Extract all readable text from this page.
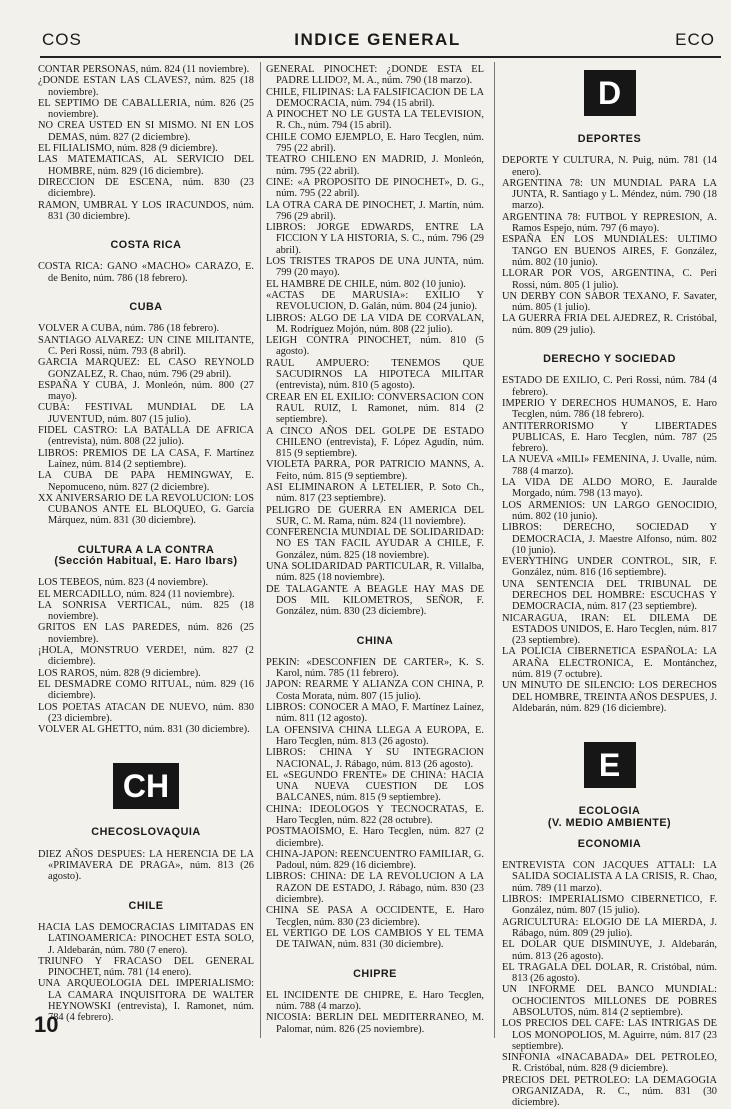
COS	INDICE GENERAL	ECO
CONTAR PERSONAS, núm. 824 (11 noviembre).
¿DONDE ESTAN LAS CLAVES?, núm. 825 (18 noviembre).
EL SEPTIMO DE CABALLERIA, núm. 826 (25 noviembre).
NO CREA USTED EN SI MISMO. NI EN LOS DEMAS, núm. 827 (2 diciembre).
EL FILIALISMO, núm. 828 (9 diciembre).
LAS MATEMATICAS, AL SERVICIO DEL HOMBRE, núm. 829 (16 diciembre).
DIRECCION DE ESCENA, núm. 830 (23 diciembre).
RAMON, UMBRAL Y LOS IRACUNDOS, núm. 831 (30 diciembre).
COSTA RICA
COSTA RICA: GANO «MACHO» CARAZO, E. de Benito, núm. 786 (18 febrero).
CUBA
VOLVER A CUBA, núm. 786 (18 febrero).
SANTIAGO ALVAREZ: UN CINE MILITANTE, C. Peri Rossi, núm. 793 (8 abril).
GARCIA MARQUEZ: EL CASO REYNOLD GONZALEZ, R. Chao, núm. 796 (29 abril).
ESPAÑA Y CUBA, J. Monleón, núm. 800 (27 mayo).
CUBA: FESTIVAL MUNDIAL DE LA JUVENTUD, núm. 807 (15 julio).
FIDEL CASTRO: LA BATALLA DE AFRICA (entrevista), núm. 808 (22 julio).
LIBROS: PREMIOS DE LA CASA, F. Martínez Laínez, núm. 814 (2 septiembre).
LA CUBA DE PAPA HEMINGWAY, E. Nepomuceno, núm. 827 (2 diciembre).
XX ANIVERSARIO DE LA REVOLUCION: LOS CUBANOS ANTE EL BLOQUEO, G. García Márquez, núm. 831 (30 diciembre).
CULTURA A LA CONTRA
(Sección Habitual, E. Haro Ibars)
LOS TEBEOS, núm. 823 (4 noviembre).
EL MERCADILLO, núm. 824 (11 noviembre).
LA SONRISA VERTICAL, núm. 825 (18 noviembre).
GRITOS EN LAS PAREDES, núm. 826 (25 noviembre).
¡HOLA, MONSTRUO VERDE!, núm. 827 (2 diciembre).
LOS RAROS, núm. 828 (9 diciembre).
EL DESMADRE COMO RITUAL, núm. 829 (16 diciembre).
LOS POETAS ATACAN DE NUEVO, núm. 830 (23 diciembre).
VOLVER AL GHETTO, núm. 831 (30 diciembre).
CH
CHECOSLOVAQUIA
DIEZ AÑOS DESPUES: LA HERENCIA DE LA «PRIMAVERA DE PRAGA», núm. 813 (26 agosto).
CHILE
HACIA LAS DEMOCRACIAS LIMITADAS EN LATINOAMERICA: PINOCHET ESTA SOLO, J. Aldebarán, núm. 780 (7 enero).
TRIUNFO Y FRACASO DEL GENERAL PINOCHET, núm. 781 (14 enero).
UNA ARQUEOLOGIA DEL IMPERIALISMO: LA CAMARA INQUISITORA DE WALTER HEYNOWSKI (entrevista), I. Ramonet, núm. 784 (4 febrero).
GENERAL PINOCHET: ¿DONDE ESTA EL PADRE LLIDO?, M. A., núm. 790 (18 marzo).
CHILE, FILIPINAS: LA FALSIFICACION DE LA DEMOCRACIA, núm. 794 (15 abril).
A PINOCHET NO LE GUSTA LA TELEVISION, R. Ch., núm. 794 (15 abril).
CHILE COMO EJEMPLO, E. Haro Tecglen, núm. 795 (22 abril).
TEATRO CHILENO EN MADRID, J. Monleón, núm. 795 (22 abril).
CINE: «A PROPOSITO DE PINOCHET», D. G., núm. 795 (22 abril).
LA OTRA CARA DE PINOCHET, J. Martín, núm. 796 (29 abril).
LIBROS: JORGE EDWARDS, ENTRE LA FICCION Y LA HISTORIA, S. C., núm. 796 (29 abril).
LOS TRISTES TRAPOS DE UNA JUNTA, núm. 799 (20 mayo).
EL HAMBRE DE CHILE, núm. 802 (10 junio).
«ACTAS DE MARUSIA»: EXILIO Y REVOLUCION, D. Galán, núm. 804 (24 junio).
LIBROS: ALGO DE LA VIDA DE CORVALAN, M. Rodríguez Mojón, núm. 808 (22 julio).
LEIGH CONTRA PINOCHET, núm. 810 (5 agosto).
RAUL AMPUERO: TENEMOS QUE SACUDIRNOS LA HIPOTECA MILITAR (entrevista), núm. 810 (5 agosto).
CREAR EN EL EXILIO: CONVERSACION CON RAUL RUIZ, I. Ramonet, núm. 814 (2 septiembre).
A CINCO AÑOS DEL GOLPE DE ESTADO CHILENO (entrevista), F. López Agudín, núm. 815 (9 septiembre).
VIOLETA PARRA, POR PATRICIO MANNS, A. Feito, núm. 815 (9 septiembre).
ASI ELIMINARON A LETELIER, P. Soto Ch., núm. 817 (23 septiembre).
PELIGRO DE GUERRA EN AMERICA DEL SUR, C. M. Rama, núm. 824 (11 noviembre).
CONFERENCIA MUNDIAL DE SOLIDARIDAD: NO ES TAN FACIL AYUDAR A CHILE, F. González, núm. 825 (18 noviembre).
UNA SOLIDARIDAD PARTICULAR, R. Villalba, núm. 825 (18 noviembre).
DE TALAGANTE A BEAGLE HAY MAS DE DOS MIL KILOMETROS, SEÑOR, F. González, núm. 830 (23 diciembre).
CHINA
PEKIN: «DESCONFIEN DE CARTER», K. S. Karol, núm. 785 (11 febrero).
JAPON: REARME Y ALIANZA CON CHINA, P. Costa Morata, núm. 807 (15 julio).
LIBROS: CONOCER A MAO, F. Martínez Laínez, núm. 811 (12 agosto).
LA OFENSIVA CHINA LLEGA A EUROPA, E. Haro Tecglen, núm. 813 (26 agosto).
LIBROS: CHINA Y SU INTEGRACION NACIONAL, J. Rábago, núm. 813 (26 agosto).
EL «SEGUNDO FRENTE» DE CHINA: HACIA UNA NUEVA CUESTION DE LOS BALCANES, núm. 815 (9 septiembre).
CHINA: IDEOLOGOS Y TECNOCRATAS, E. Haro Tecglen, núm. 822 (28 octubre).
POSTMAOISMO, E. Haro Tecglen, núm. 827 (2 diciembre).
CHINA-JAPON: REENCUENTRO FAMILIAR, G. Padoul, núm. 829 (16 diciembre).
LIBROS: CHINA: DE LA REVOLUCION A LA RAZON DE ESTADO, J. Rábago, núm. 830 (23 diciembre).
CHINA SE PASA A OCCIDENTE, E. Haro Tecglen, núm. 830 (23 diciembre).
EL VERTIGO DE LOS CAMBIOS Y EL TEMA DE TAIWAN, núm. 831 (30 diciembre).
CHIPRE
EL INCIDENTE DE CHIPRE, E. Haro Tecglen, núm. 788 (4 marzo).
NICOSIA: BERLIN DEL MEDITERRANEO, M. Palomar, núm. 826 (25 noviembre).
D
DEPORTES
DEPORTE Y CULTURA, N. Puig, núm. 781 (14 enero).
ARGENTINA 78: UN MUNDIAL PARA LA JUNTA, R. Santiago y L. Méndez, núm. 790 (18 marzo).
ARGENTINA 78: FUTBOL Y REPRESION, A. Ramos Espejo, núm. 797 (6 mayo).
ESPAÑA EN LOS MUNDIALES: ULTIMO TANGO EN BUENOS AIRES, F. González, núm. 802 (10 junio).
LLORAR POR VOS, ARGENTINA, C. Peri Rossi, núm. 805 (1 julio).
UN DERBY CON SABOR TEXANO, F. Savater, núm. 805 (1 julio).
LA GUERRA FRIA DEL AJEDREZ, R. Cristóbal, núm. 809 (29 julio).
DERECHO Y SOCIEDAD
ESTADO DE EXILIO, C. Peri Rossi, núm. 784 (4 febrero).
IMPERIO Y DERECHOS HUMANOS, E. Haro Tecglen, núm. 786 (18 febrero).
ANTITERRORISMO Y LIBERTADES PUBLICAS, E. Haro Tecglen, núm. 787 (25 febrero).
LA NUEVA «MILI» FEMENINA, J. Uvalle, núm. 788 (4 marzo).
LA VIDA DE ALDO MORO, E. Jauralde Morgado, núm. 798 (13 mayo).
LOS ARMENIOS: UN LARGO GENOCIDIO, núm. 802 (10 junio).
LIBROS: DERECHO, SOCIEDAD Y DEMOCRACIA, J. Maestre Alfonso, núm. 802 (10 junio).
EVERYTHING UNDER CONTROL, SIR, F. González, núm. 816 (16 septiembre).
UNA SENTENCIA DEL TRIBUNAL DE DERECHOS DEL HOMBRE: ESCUCHAS Y DEMOCRACIA, núm. 817 (23 septiembre).
NICARAGUA, IRAN: EL DILEMA DE ESTADOS UNIDOS, E. Haro Tecglen, núm. 817 (23 septiembre).
LA POLICIA CIBERNETICA ESPAÑOLA: LA ARAÑA ELECTRONICA, E. Montánchez, núm. 819 (7 octubre).
UN MINUTO DE SILENCIO: LOS DERECHOS DEL HOMBRE, TREINTA AÑOS DESPUES, J. Aldebarán, núm. 829 (16 diciembre).
E
ECOLOGIA
(V. MEDIO AMBIENTE)
ECONOMIA
ENTREVISTA CON JACQUES ATTALI: LA SALIDA SOCIALISTA A LA CRISIS, R. Chao, núm. 789 (11 marzo).
LIBROS: IMPERIALISMO CIBERNETICO, F. González, núm. 807 (15 julio).
AGRICULTURA: ELOGIO DE LA MIERDA, J. Rábago, núm. 809 (29 julio).
EL DOLAR QUE DISMINUYE, J. Aldebarán, núm. 813 (26 agosto).
EL TRAGALA DEL DOLAR, R. Cristóbal, núm. 813 (26 agosto).
UN INFORME DEL BANCO MUNDIAL: OCHOCIENTOS MILLONES DE POBRES ABSOLUTOS, núm. 814 (2 septiembre).
LOS PRECIOS DEL CAFE: LAS INTRIGAS DE LOS MONOPOLIOS, M. Aguirre, núm. 817 (23 septiembre).
SINFONIA «INACABADA» DEL PETROLEO, R. Cristóbal, núm. 828 (9 diciembre).
PRECIOS DEL PETROLEO: LA DEMAGOGIA ORGANIZADA, R. C., núm. 831 (30 diciembre).
10
